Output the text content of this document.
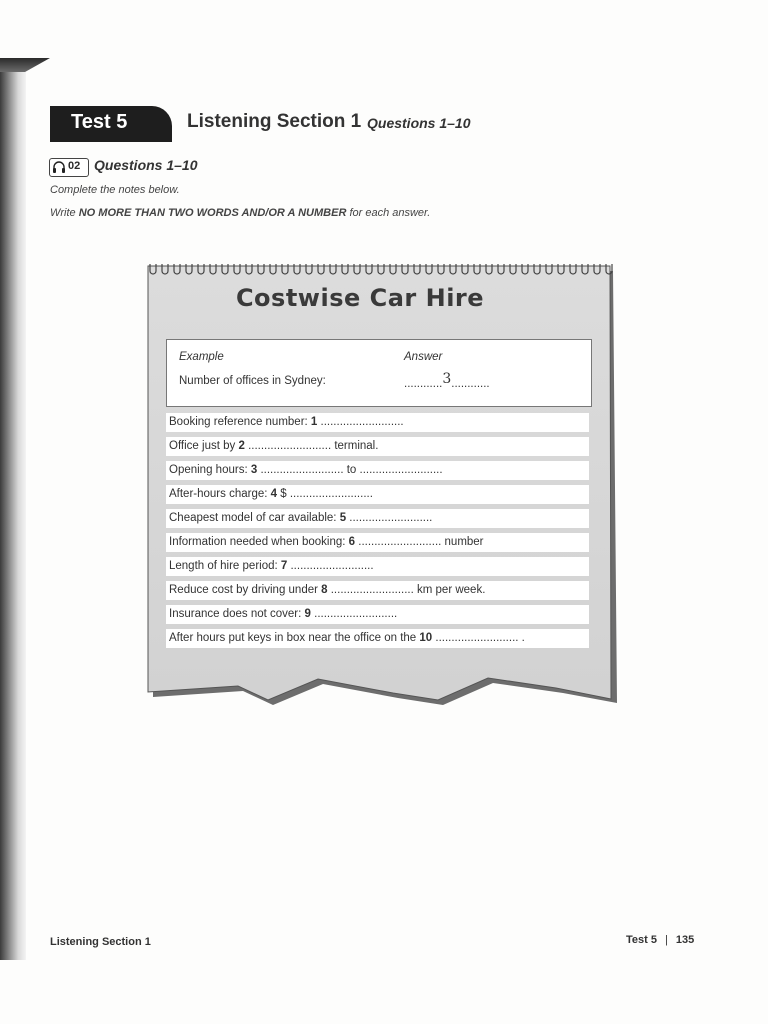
Test 5	Listening Section 1 Questions 1–10
02 Questions 1–10
Complete the notes below.
Write NO MORE THAN TWO WORDS AND/OR A NUMBER for each answer.
Costwise Car Hire
Example	Answer
Number of offices in Sydney:	............3............
Booking reference number: 1 ..........................
Office just by 2 .......................... terminal.
Opening hours: 3 .......................... to ..........................
After-hours charge: 4 $ ..........................
Cheapest model of car available: 5 ..........................
Information needed when booking: 6 .......................... number
Length of hire period: 7 ..........................
Reduce cost by driving under 8 .......................... km per week.
Insurance does not cover: 9 ..........................
After hours put keys in box near the office on the 10 .......................... .
Listening Section 1	Test 5 | 135
